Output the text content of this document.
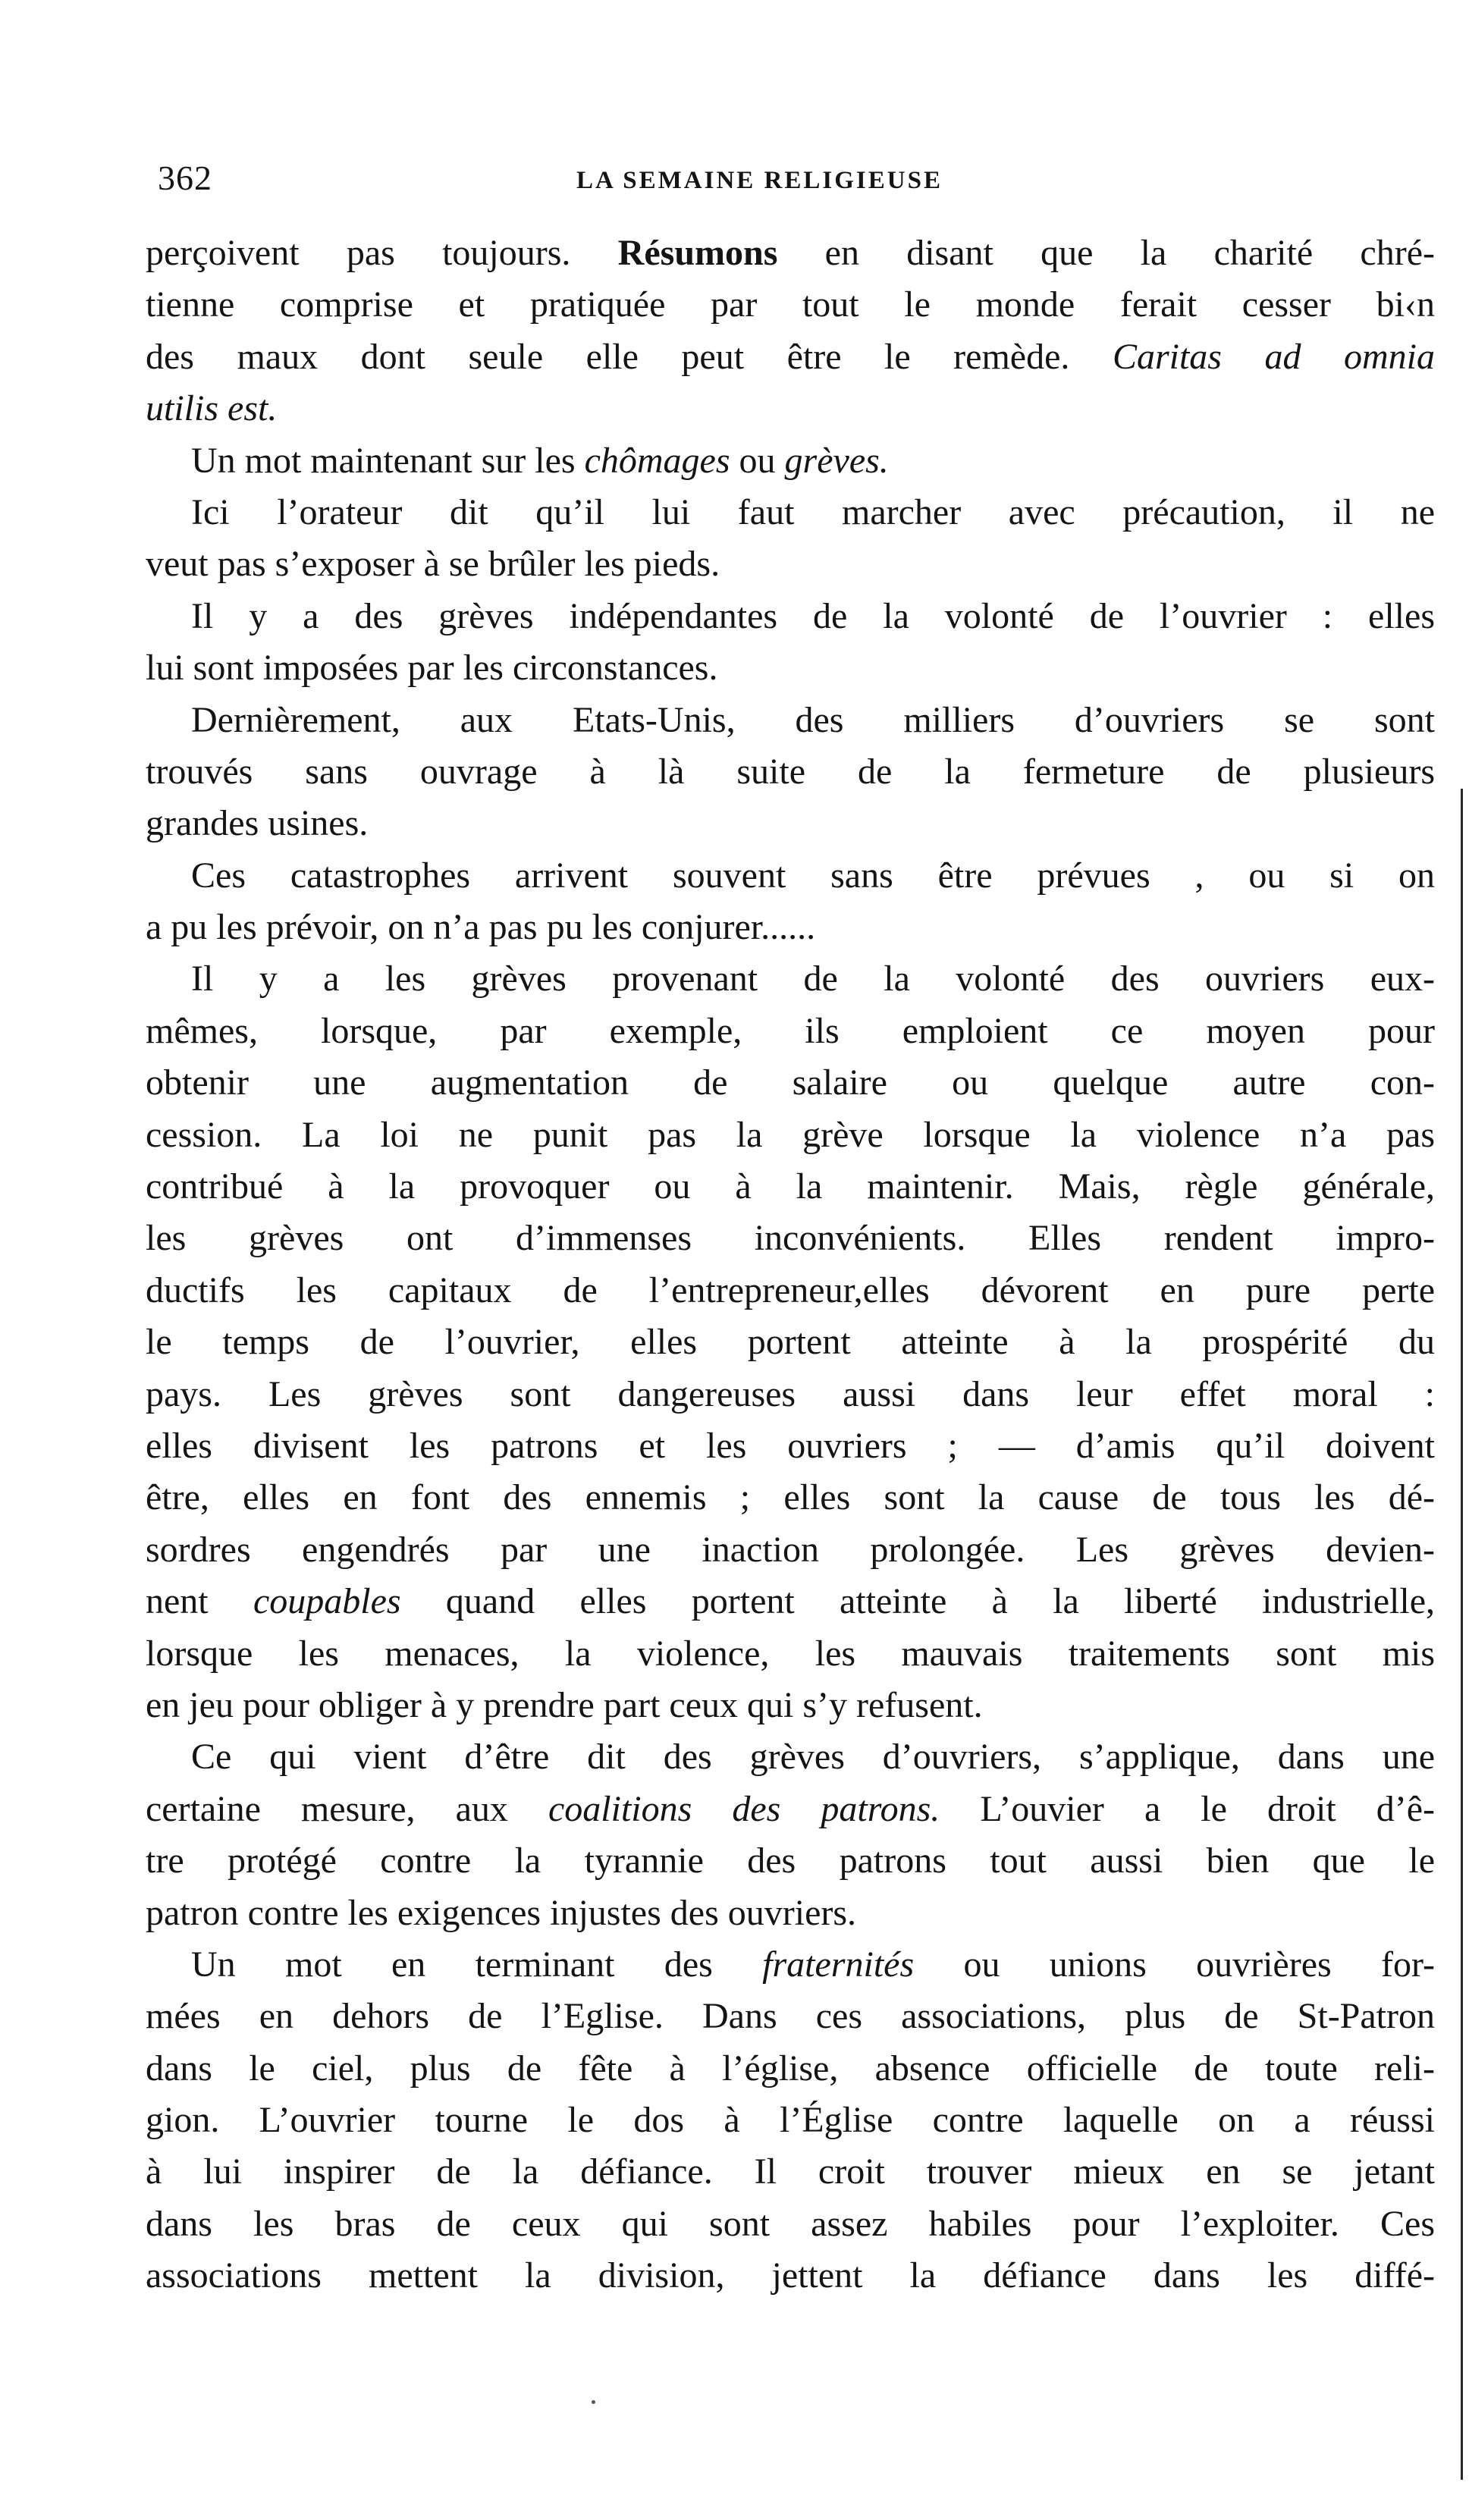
362	LA SEMAINE RELIGIEUSE
perçoivent pas toujours. Résumons en disant que la charité chré-
tienne comprise et pratiquée par tout le monde ferait cesser bi‹n
des maux dont seule elle peut être le remède. Caritas ad omnia
utilis est.
Un mot maintenant sur les chômages ou grèves.
Ici l’orateur dit qu’il lui faut marcher avec précaution, il ne
veut pas s’exposer à se brûler les pieds.
Il y a des grèves indépendantes de la volonté de l’ouvrier : elles
lui sont imposées par les circonstances.
Dernièrement, aux Etats-Unis, des milliers d’ouvriers se sont
trouvés sans ouvrage à là suite de la fermeture de plusieurs
grandes usines.
Ces catastrophes arrivent souvent sans être prévues , ou si on
a pu les prévoir, on n’a pas pu les conjurer......
Il y a les grèves provenant de la volonté des ouvriers eux-
mêmes, lorsque, par exemple, ils emploient ce moyen pour
obtenir une augmentation de salaire ou quelque autre con-
cession. La loi ne punit pas la grève lorsque la violence n’a pas
contribué à la provoquer ou à la maintenir. Mais, règle générale,
les grèves ont d’immenses inconvénients. Elles rendent impro-
ductifs les capitaux de l’entrepreneur,elles dévorent en pure perte
le temps de l’ouvrier, elles portent atteinte à la prospérité du
pays. Les grèves sont dangereuses aussi dans leur effet moral :
elles divisent les patrons et les ouvriers ; — d’amis qu’il doivent
être, elles en font des ennemis ; elles sont la cause de tous les dé-
sordres engendrés par une inaction prolongée. Les grèves devien-
nent coupables quand elles portent atteinte à la liberté industrielle,
lorsque les menaces, la violence, les mauvais traitements sont mis
en jeu pour obliger à y prendre part ceux qui s’y refusent.
Ce qui vient d’être dit des grèves d’ouvriers, s’applique, dans une
certaine mesure, aux coalitions des patrons. L’ouvier a le droit d’ê-
tre protégé contre la tyrannie des patrons tout aussi bien que le
patron contre les exigences injustes des ouvriers.
Un mot en terminant des fraternités ou unions ouvrières for-
mées en dehors de l’Eglise. Dans ces associations, plus de St-Patron
dans le ciel, plus de fête à l’église, absence officielle de toute reli-
gion. L’ouvrier tourne le dos à l’Église contre laquelle on a réussi
à lui inspirer de la défiance. Il croit trouver mieux en se jetant
dans les bras de ceux qui sont assez habiles pour l’exploiter. Ces
associations mettent la division, jettent la défiance dans les diffé-
